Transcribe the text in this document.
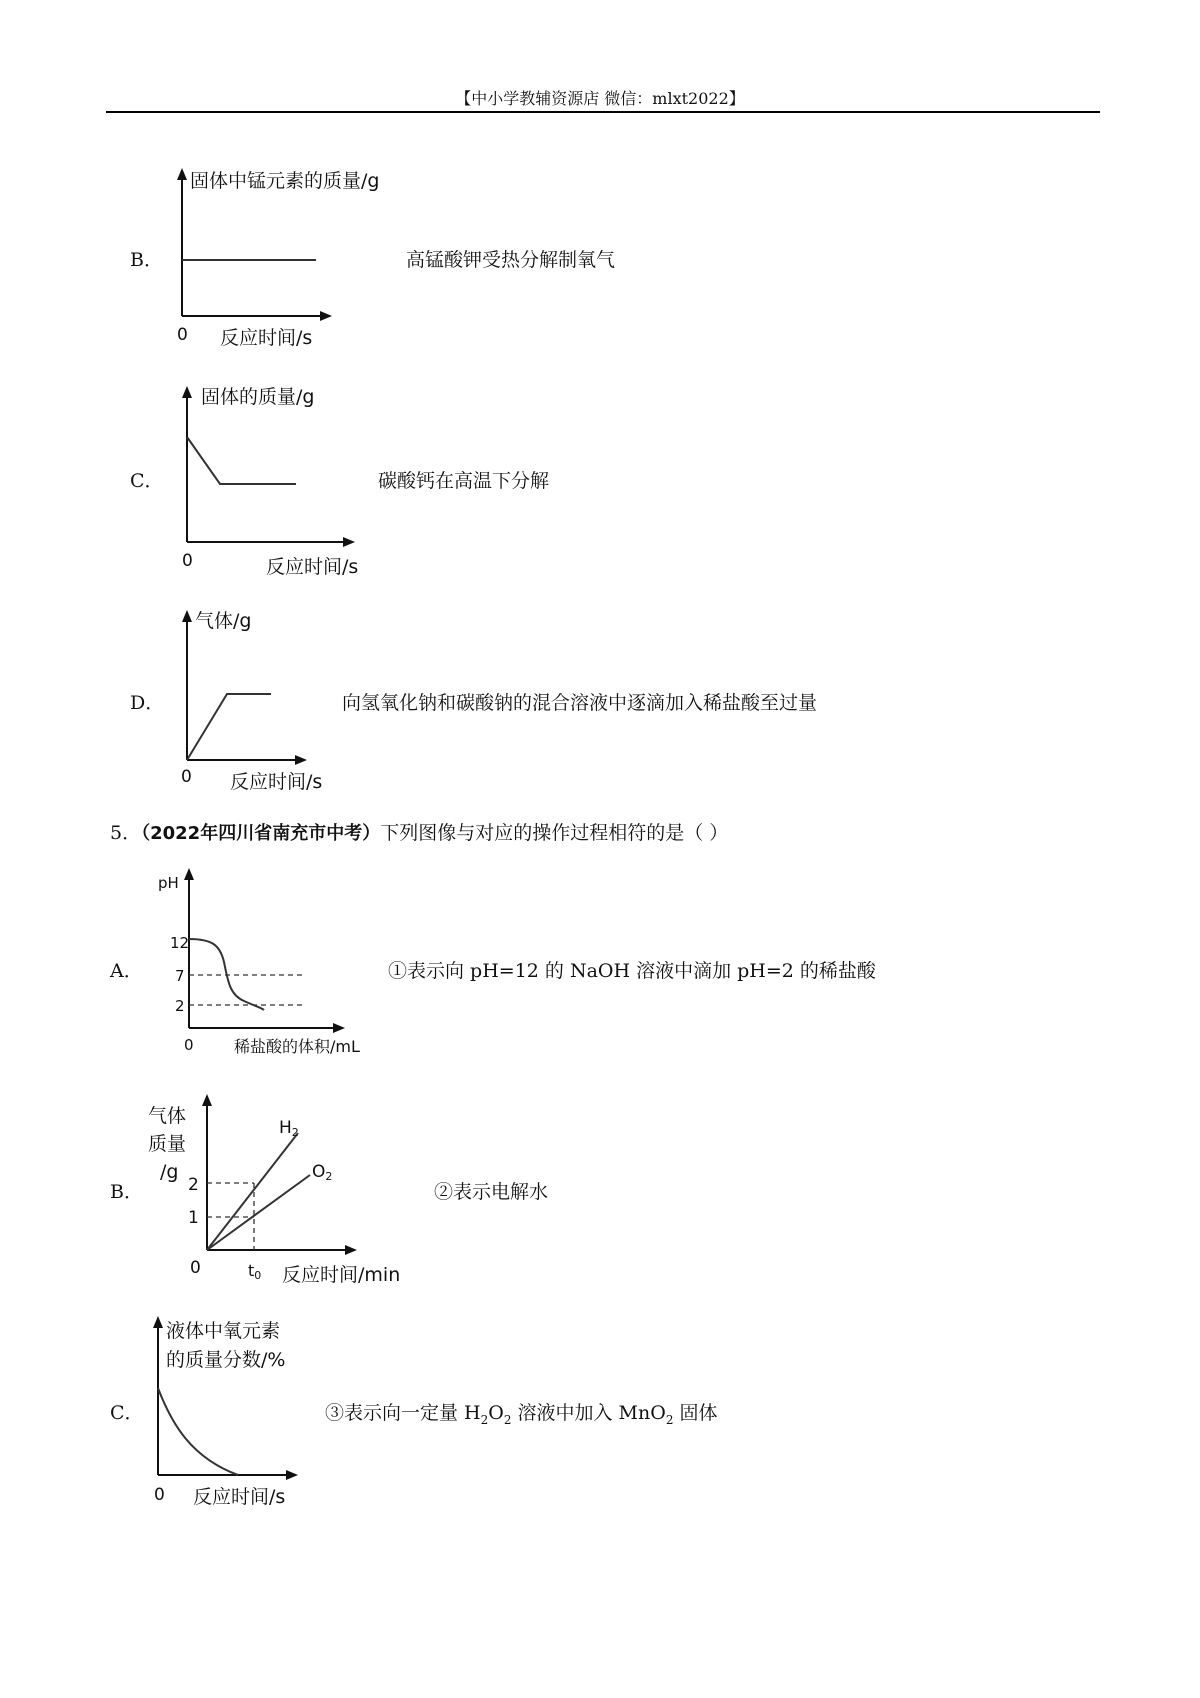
【中小学教辅资源店 微信：mlxt2022】
B．	高锰酸钾受热分解制氧气
C．	碳酸钙在高温下分解
D．	向氢氧化钠和碳酸钠的混合溶液中逐滴加入稀盐酸至过量
5．（2022年四川省南充市中考）下列图像与对应的操作过程相符的是（ ）
A．	①表示向 pH=12 的 NaOH 溶液中滴加 pH=2 的稀盐酸
B．	②表示电解水
C．	③表示向一定量 $H_2O_2$ 溶液中加入 MnO$_2$ 固体
固体中锰元素的质量/g
0 反应时间/s
固体的质量/g
0	反应时间/s
气体/g
0 反应时间/s
pH
12
7
2
0	稀盐酸的体积/mL
气体
质量
/g
2
1
0	t0 反应时间/min
H2
O2
液体中氧元素
的质量分数/%
0 反应时间/s
